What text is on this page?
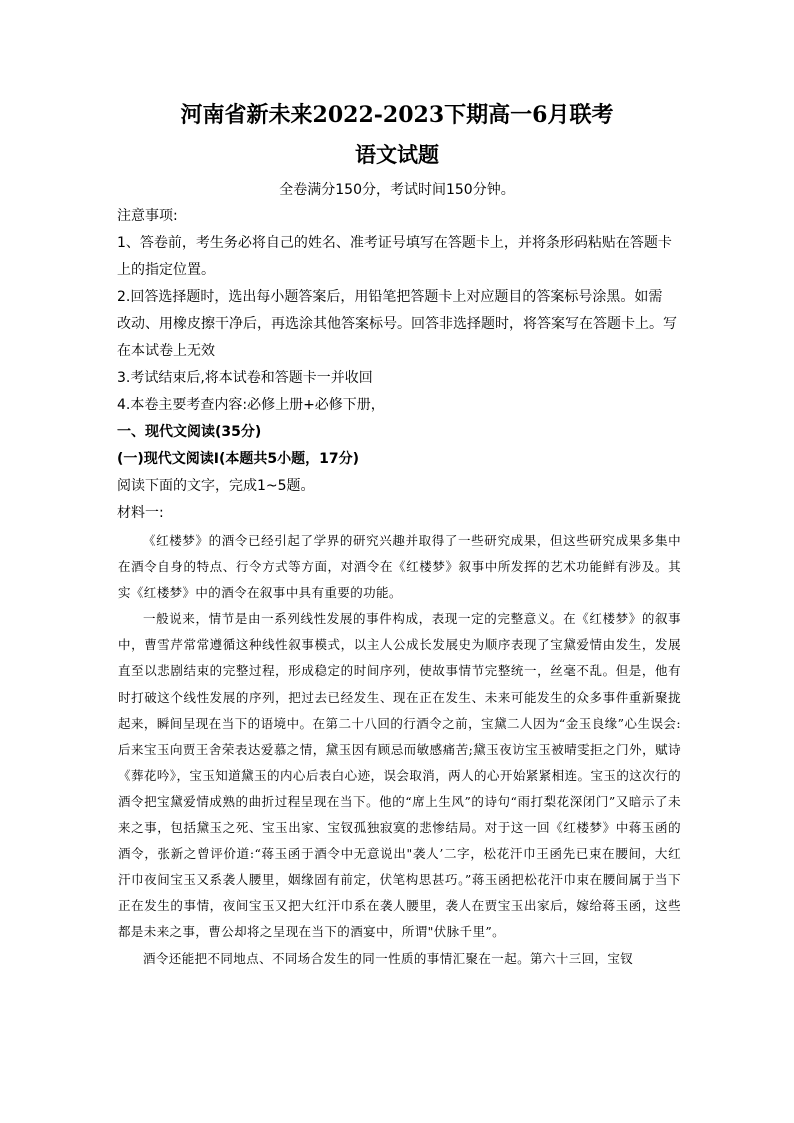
河南省新未来2022-2023下期高一6月联考
语文试题
全卷满分150分，考试时间150分钟。
注意事项:
1、答卷前，考生务必将自己的姓名、准考证号填写在答题卡上，并将条形码粘贴在答题卡
上的指定位置。
2.回答选择题时，选出每小题答案后，用铅笔把答题卡上对应题目的答案标号涂黑。如需
改动、用橡皮擦干净后，再选涂其他答案标号。回答非选择题时，将答案写在答题卡上。写
在本试卷上无效
3.考试结束后,将本试卷和答题卡一并收回
4.本卷主要考查内容:必修上册+必修下册，
一、现代文阅读(35分)
(一)现代文阅读I(本题共5小题，17分)
阅读下面的文字，完成1~5题。
材料一:

《红楼梦》的酒令已经引起了学界的研究兴趣并取得了一些研究成果，但这些研究成果多集中在酒令自身的特点、行令方式等方面，对酒令在《红楼梦》叙事中所发挥的艺术功能鲜有涉及。其实《红楼梦》中的酒令在叙事中具有重要的功能。

一般说来，情节是由一系列线性发展的事件构成，表现一定的完整意义。在《红楼梦》的叙事中，曹雪芹常常遵循这种线性叙事模式，以主人公成长发展史为顺序表现了宝黛爱情由发生，发展直至以悲剧结束的完整过程，形成稳定的时间序列，使故事情节完整统一，丝毫不乱。但是，他有时打破这个线性发展的序列，把过去已经发生、现在正在发生、未来可能发生的众多事件重新聚拢起来，瞬间呈现在当下的语境中。在第二十八回的行酒令之前，宝黛二人因为“金玉良缘”心生误会:后来宝玉向贾王舍荣表达爱慕之情，黛玉因有顾忌而敏感痛苦;黛玉夜访宝玉被晴雯拒之门外，赋诗《葬花吟》，宝玉知道黛玉的内心后表白心迹，误会取消，两人的心开始紧紧相连。宝玉的这次行的酒令把宝黛爱情成熟的曲折过程呈现在当下。他的“席上生风”的诗句“雨打梨花深闭门”又暗示了未来之事，包括黛玉之死、宝玉出家、宝钗孤独寂寞的悲惨结局。对于这一回《红楼梦》中蒋玉函的酒令，张新之曾评价道:“蒋玉函于酒令中无意说出"袭人’二字，松花汗巾王函先已束在腰间，大红汗巾夜间宝玉又系袭人腰里，姻缘固有前定，伏笔构思甚巧。”蒋玉函把松花汗巾束在腰间属于当下正在发生的事情，夜间宝玉又把大红汗巾系在袭人腰里，袭人在贾宝玉出家后，嫁给蒋玉函，这些都是未来之事，曹公却将之呈现在当下的酒宴中，所谓"伏脉千里”。

酒令还能把不同地点、不同场合发生的同一性质的事情汇聚在一起。第六十三回，宝钗
